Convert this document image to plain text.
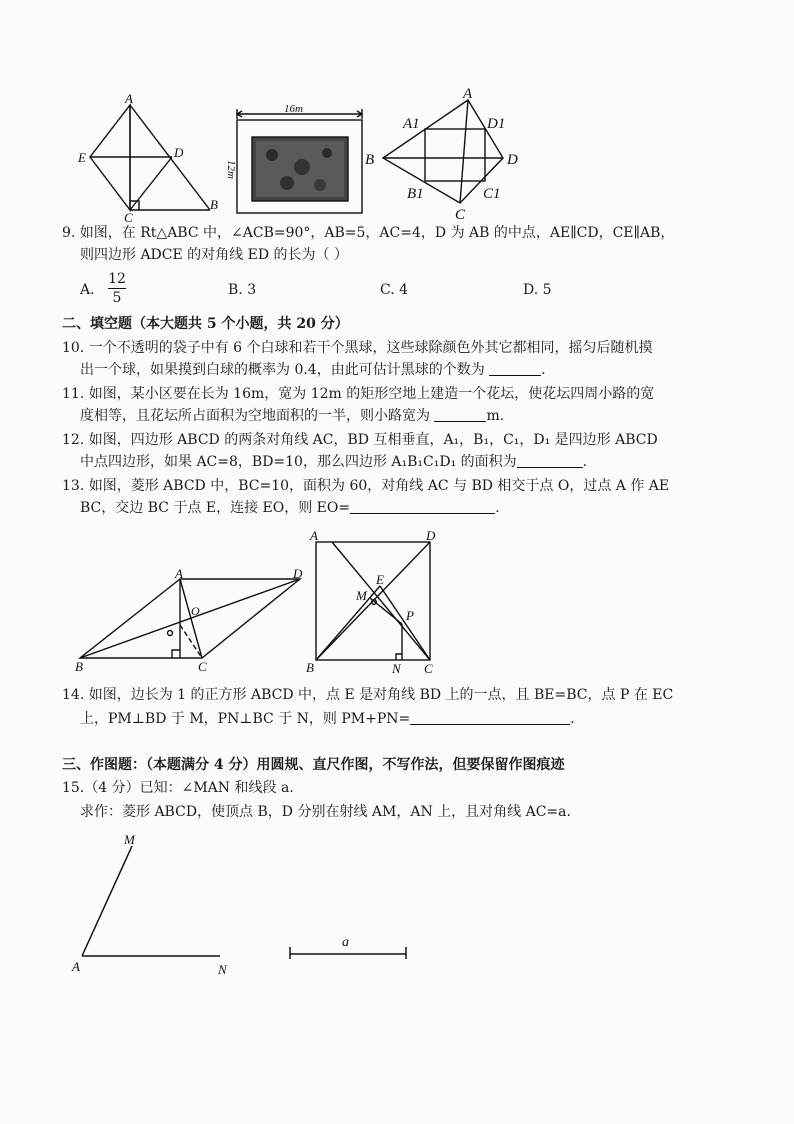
A
E	D
C
B
16m
12m
A
A1	D1
B	D
B1	C1
C
9. 如图，在 Rt△ABC 中，∠ACB=90°，AB=5，AC=4，D 为 AB 的中点，AE∥CD，CE∥AB，
则四边形 ADCE 的对角线 ED 的长为（ ）
A. $\frac{12}{5}$	B. 3	C. 4	D. 5
二、填空题（本大题共 5 个小题，共 20 分）
10. 一个不透明的袋子中有 6 个白球和若干个黑球，这些球除颜色外其它都相同，摇匀后随机摸
出一个球，如果摸到白球的概率为 0.4，由此可估计黑球的个数为	.
11. 如图，某小区要在长为 16m，宽为 12m 的矩形空地上建造一个花坛，使花坛四周小路的宽
度相等，且花坛所占面积为空地面积的一半，则小路宽为	m.
12. 如图，四边形 ABCD 的两条对角线 AC，BD 互相垂直，A₁，B₁，C₁，D₁ 是四边形 ABCD
中点四边形，如果 AC=8，BD=10，那么四边形 A₁B₁C₁D₁ 的面积为	.
13. 如图，菱形 ABCD 中，BC=10，面积为 60，对角线 AC 与 BD 相交于点 O，过点 A 作 AE
BC，交边 BC 于点 E，连接 EO，则 EO=	.
A	D
O
B	C
A	D
E
M
P
B	N C
14. 如图，边长为 1 的正方形 ABCD 中，点 E 是对角线 BD 上的一点，且 BE=BC，点 P 在 EC
上，PM⊥BD 于 M，PN⊥BC 于 N，则 PM+PN=	.
三、作图题：（本题满分 4 分）用圆规、直尺作图，不写作法，但要保留作图痕迹
15.（4 分）已知：∠MAN 和线段 a.
求作：菱形 ABCD，使顶点 B，D 分别在射线 AM，AN 上，且对角线 AC=a.
M
A	N
a
